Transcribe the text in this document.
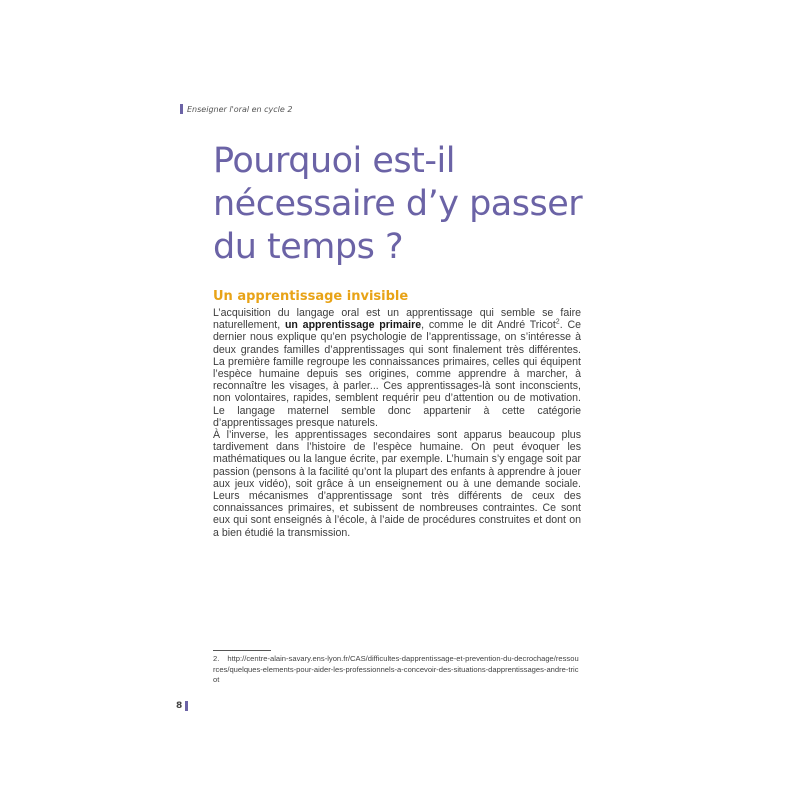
Enseigner l'oral en cycle 2
Pourquoi est-il
nécessaire d’y passer
du temps ?
Un apprentissage invisible

L’acquisition du langage oral est un apprentissage qui semble se faire naturellement, un apprentissage primaire, comme le dit André Tricot$^2$. Ce dernier nous explique qu’en psychologie de l’apprentissage, on s’intéresse à deux grandes familles d’apprentissages qui sont finalement très différentes. La première famille regroupe les connaissances primaires, celles qui équipent l’espèce humaine depuis ses origines, comme apprendre à marcher, à reconnaître les visages, à parler... Ces apprentissages-là sont inconscients, non volontaires, rapides, semblent requérir peu d’attention ou de motivation. Le langage maternel semble donc appartenir à cette catégorie d’apprentissages presque naturels.

À l’inverse, les apprentissages secondaires sont apparus beaucoup plus tardivement dans l’histoire de l’espèce humaine. On peut évoquer les mathématiques ou la langue écrite, par exemple. L’humain s’y engage soit par passion (pensons à la facilité qu’ont la plupart des enfants à apprendre à jouer aux jeux vidéo), soit grâce à un enseignement ou à une demande sociale. Leurs mécanismes d’apprentissage sont très différents de ceux des connaissances primaires, et subissent de nombreuses contraintes. Ce sont eux qui sont enseignés à l’école, à l’aide de procédures construites et dont on a bien étudié la transmission.

2. http://centre-alain-savary.ens-lyon.fr/CAS/difficultes-dapprentissage-et-prevention-du-decrochage/ressources/quelques-elements-pour-aider-les-professionnels-a-concevoir-des-situations-dapprentissages-andre-tricot
8
